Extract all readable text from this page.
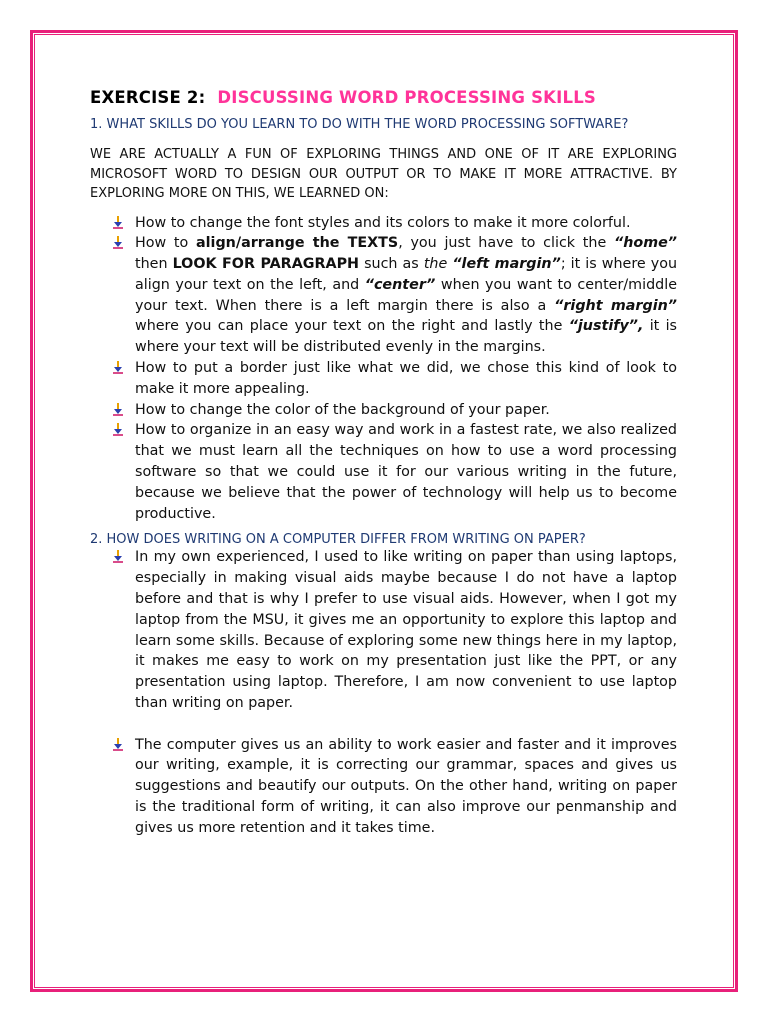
EXERCISE 2: DISCUSSING WORD PROCESSING SKILLS

1. WHAT SKILLS DO YOU LEARN TO DO WITH THE WORD PROCESSING SOFTWARE?

WE ARE ACTUALLY A FUN OF EXPLORING THINGS AND ONE OF IT ARE EXPLORING MICROSOFT WORD TO DESIGN OUR OUTPUT OR TO MAKE IT MORE ATTRACTIVE. BY EXPLORING MORE ON THIS, WE LEARNED ON:

How to change the font styles and its colors to make it more colorful.
How to align/arrange the TEXTS, you just have to click the “home” then LOOK FOR PARAGRAPH such as the “left margin”; it is where you align your text on the left, and “center” when you want to center/middle your text. When there is a left margin there is also a “right margin” where you can place your text on the right and lastly the “justify”, it is where your text will be distributed evenly in the margins.
How to put a border just like what we did, we chose this kind of look to make it more appealing.
How to change the color of the background of your paper.
How to organize in an easy way and work in a fastest rate, we also realized that we must learn all the techniques on how to use a word processing software so that we could use it for our various writing in the future, because we believe that the power of technology will help us to become productive.

2. HOW DOES WRITING ON A COMPUTER DIFFER FROM WRITING ON PAPER?

In my own experienced, I used to like writing on paper than using laptops, especially in making visual aids maybe because I do not have a laptop before and that is why I prefer to use visual aids. However, when I got my laptop from the MSU, it gives me an opportunity to explore this laptop and learn some skills. Because of exploring some new things here in my laptop, it makes me easy to work on my presentation just like the PPT, or any presentation using laptop. Therefore, I am now convenient to use laptop than writing on paper.
The computer gives us an ability to work easier and faster and it improves our writing, example, it is correcting our grammar, spaces and gives us suggestions and beautify our outputs. On the other hand, writing on paper is the traditional form of writing, it can also improve our penmanship and gives us more retention and it takes time.
